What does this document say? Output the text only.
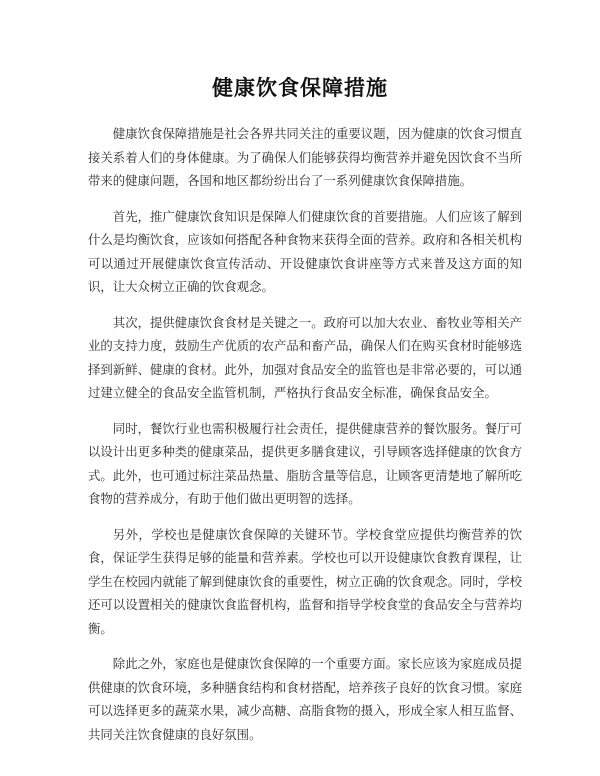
健康饮食保障措施

健康饮食保障措施是社会各界共同关注的重要议题，因为健康的饮食习惯直接关系着人们的身体健康。为了确保人们能够获得均衡营养并避免因饮食不当所带来的健康问题，各国和地区都纷纷出台了一系列健康饮食保障措施。

首先，推广健康饮食知识是保障人们健康饮食的首要措施。人们应该了解到什么是均衡饮食，应该如何搭配各种食物来获得全面的营养。政府和各相关机构可以通过开展健康饮食宣传活动、开设健康饮食讲座等方式来普及这方面的知识，让大众树立正确的饮食观念。

其次，提供健康饮食食材是关键之一。政府可以加大农业、畜牧业等相关产业的支持力度，鼓励生产优质的农产品和畜产品，确保人们在购买食材时能够选择到新鲜、健康的食材。此外，加强对食品安全的监管也是非常必要的，可以通过建立健全的食品安全监管机制，严格执行食品安全标准，确保食品安全。

同时，餐饮行业也需积极履行社会责任，提供健康营养的餐饮服务。餐厅可以设计出更多种类的健康菜品，提供更多膳食建议，引导顾客选择健康的饮食方式。此外，也可通过标注菜品热量、脂肪含量等信息，让顾客更清楚地了解所吃食物的营养成分，有助于他们做出更明智的选择。

另外，学校也是健康饮食保障的关键环节。学校食堂应提供均衡营养的饮食，保证学生获得足够的能量和营养素。学校也可以开设健康饮食教育课程，让学生在校园内就能了解到健康饮食的重要性，树立正确的饮食观念。同时，学校还可以设置相关的健康饮食监督机构，监督和指导学校食堂的食品安全与营养均衡。

除此之外，家庭也是健康饮食保障的一个重要方面。家长应该为家庭成员提供健康的饮食环境，多种膳食结构和食材搭配，培养孩子良好的饮食习惯。家庭可以选择更多的蔬菜水果，减少高糖、高脂食物的摄入，形成全家人相互监督、共同关注饮食健康的良好氛围。
